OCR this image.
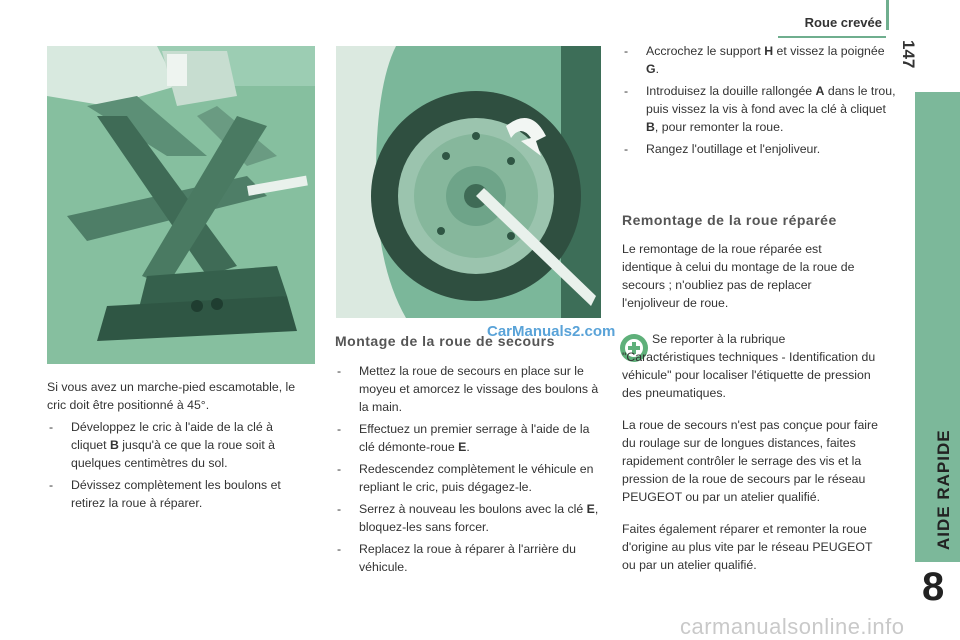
Roue crevée
147
AIDE RAPIDE
8

Si vous avez un marche-pied escamotable, le cric doit être positionné à 45°.

- Développez le cric à l'aide de la clé à cliquet B jusqu'à ce que la roue soit à quelques centimètres du sol.
- Dévissez complètement les boulons et retirez la roue à réparer.
Montage de la roue de secours
CarManuals2.com
- Mettez la roue de secours en place sur le moyeu et amorcez le vissage des boulons à la main.
- Effectuez un premier serrage à l'aide de la clé démonte-roue E.
- Redescendez complètement le véhicule en repliant le cric, puis dégagez-le.
- Serrez à nouveau les boulons avec la clé E, bloquez-les sans forcer.
- Replacez la roue à réparer à l'arrière du véhicule.
- Accrochez le support H et vissez la poignée G.
- Introduisez la douille rallongée A dans le trou, puis vissez la vis à fond avec la clé à cliquet B, pour remonter la roue.
- Rangez l'outillage et l'enjoliveur.
Remontage de la roue réparée

Le remontage de la roue réparée est identique à celui du montage de la roue de secours ; n'oubliez pas de replacer l'enjoliveur de roue.

Se reporter à la rubrique "Caractéristiques techniques - Identification du véhicule" pour localiser l'étiquette de pression des pneumatiques.

La roue de secours n'est pas conçue pour faire du roulage sur de longues distances, faites rapidement contrôler le serrage des vis et la pression de la roue de secours par le réseau PEUGEOT ou par un atelier qualifié.

Faites également réparer et remonter la roue d'origine au plus vite par le réseau PEUGEOT ou par un atelier qualifié.

carmanualsonline.info
